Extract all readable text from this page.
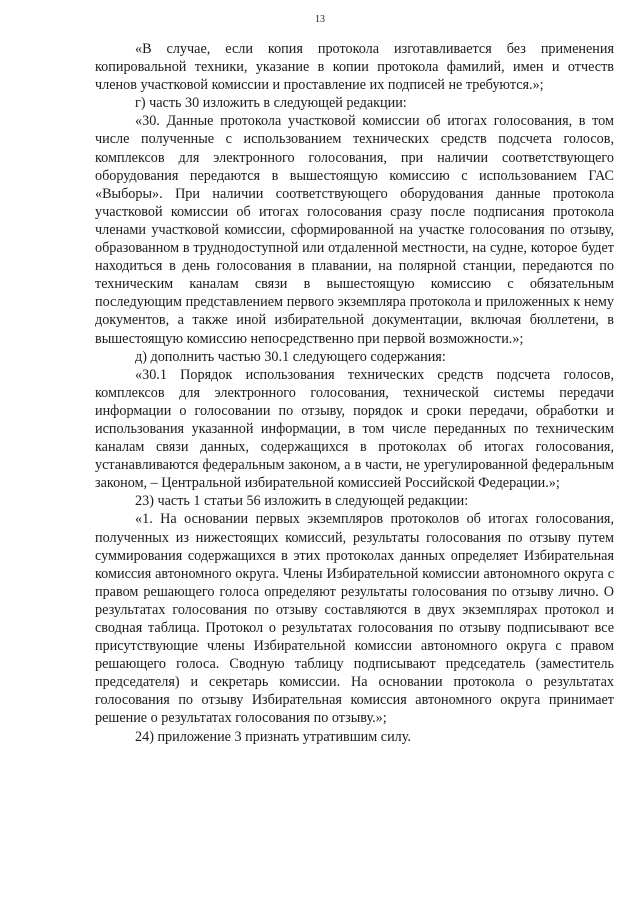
13

«В случае, если копия протокола изготавливается без применения копировальной техники, указание в копии протокола фамилий, имен и отчеств членов участковой комиссии и проставление их подписей не требуются.»;

г) часть 30 изложить в следующей редакции:

«30. Данные протокола участковой комиссии об итогах голосования, в том числе полученные с использованием технических средств подсчета голосов, комплексов для электронного голосования, при наличии соответствующего оборудования передаются в вышестоящую комиссию с использованием ГАС «Выборы». При наличии соответствующего оборудования данные протокола участковой комиссии об итогах голосования сразу после подписания протокола членами участковой комиссии, сформированной на участке голосования по отзыву, образованном в труднодоступной или отдаленной местности, на судне, которое будет находиться в день голосования в плавании, на полярной станции, передаются по техническим каналам связи в вышестоящую комиссию с обязательным последующим представлением первого экземпляра протокола и приложенных к нему документов, а также иной избирательной документации, включая бюллетени, в вышестоящую комиссию непосредственно при первой возможности.»;

д) дополнить частью 30.1 следующего содержания:

«30.1 Порядок использования технических средств подсчета голосов, комплексов для электронного голосования, технической системы передачи информации о голосовании по отзыву, порядок и сроки передачи, обработки и использования указанной информации, в том числе переданных по техническим каналам связи данных, содержащихся в протоколах об итогах голосования, устанавливаются федеральным законом, а в части, не урегулированной федеральным законом, – Центральной избирательной комиссией Российской Федерации.»;

23) часть 1 статьи 56 изложить в следующей редакции:

«1. На основании первых экземпляров протоколов об итогах голосования, полученных из нижестоящих комиссий, результаты голосования по отзыву путем суммирования содержащихся в этих протоколах данных определяет Избирательная комиссия автономного округа. Члены Избирательной комиссии автономного округа с правом решающего голоса определяют результаты голосования по отзыву лично. О результатах голосования по отзыву составляются в двух экземплярах протокол и сводная таблица. Протокол о результатах голосования по отзыву подписывают все присутствующие члены Избирательной комиссии автономного округа с правом решающего голоса. Сводную таблицу подписывают председатель (заместитель председателя) и секретарь комиссии. На основании протокола о результатах голосования по отзыву Избирательная комиссия автономного округа принимает решение о результатах голосования по отзыву.»;

24) приложение 3 признать утратившим силу.
